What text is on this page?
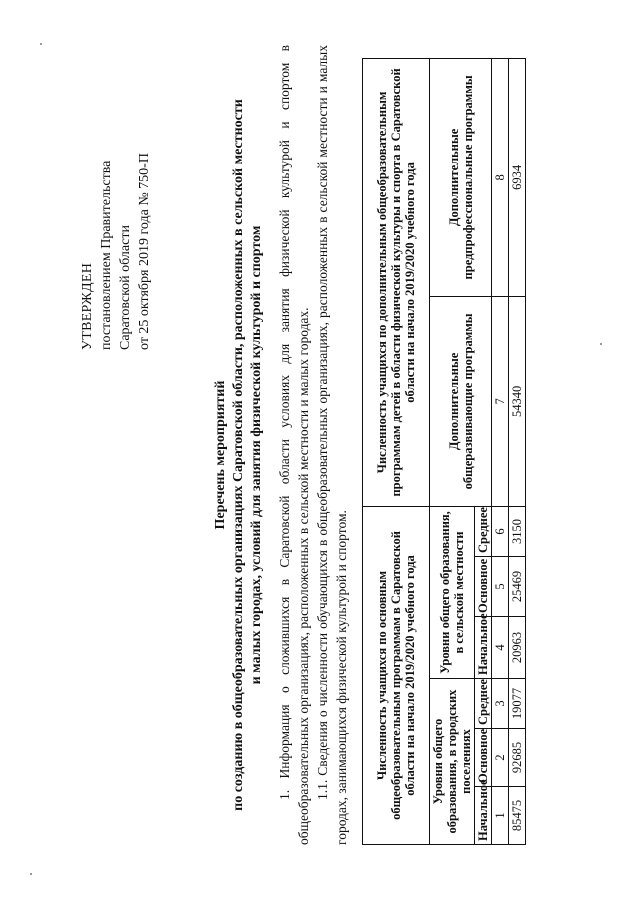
УТВЕРЖДЕН постановлением Правительства Саратовской области от 25 октября 2019 года № 750-П
Перечень мероприятий по созданию в общеобразовательных организациях Саратовской области, расположенных в сельской местности и малых городах, условий для занятия физической культурой и спортом 1. Информация о сложившихся в Саратовской области условиях для занятия физической культурой и спортом в общеобразовательных организациях, расположенных в сельской местности и малых городах. 1.1. Сведения о численности обучающихся в общеобразовательных организациях, расположенных в сельской местности и малых городах, занимающихся физической культурой и спортом. Численность учащихся по основным общеобразовательным программам в Саратовской области на начало 2019/2020 учебного года						Численность учащихся по дополнительным общеобразовательным программам детей в области физической культуры и спорта в Саратовской области на начало 2019/2020 учебного года	
Уровни общего образования, в городских поселениях			Уровни общего образования, в сельской местности			Дополнительные общеразвивающие программы	Дополнительные предпрофессиональные программы
Начальное	Основное	Среднее	Начальное	Основное	Среднее		
1	2	3	4	5	6	7	8
85475	92685	19077	20963	25469	3150	54340	6934
